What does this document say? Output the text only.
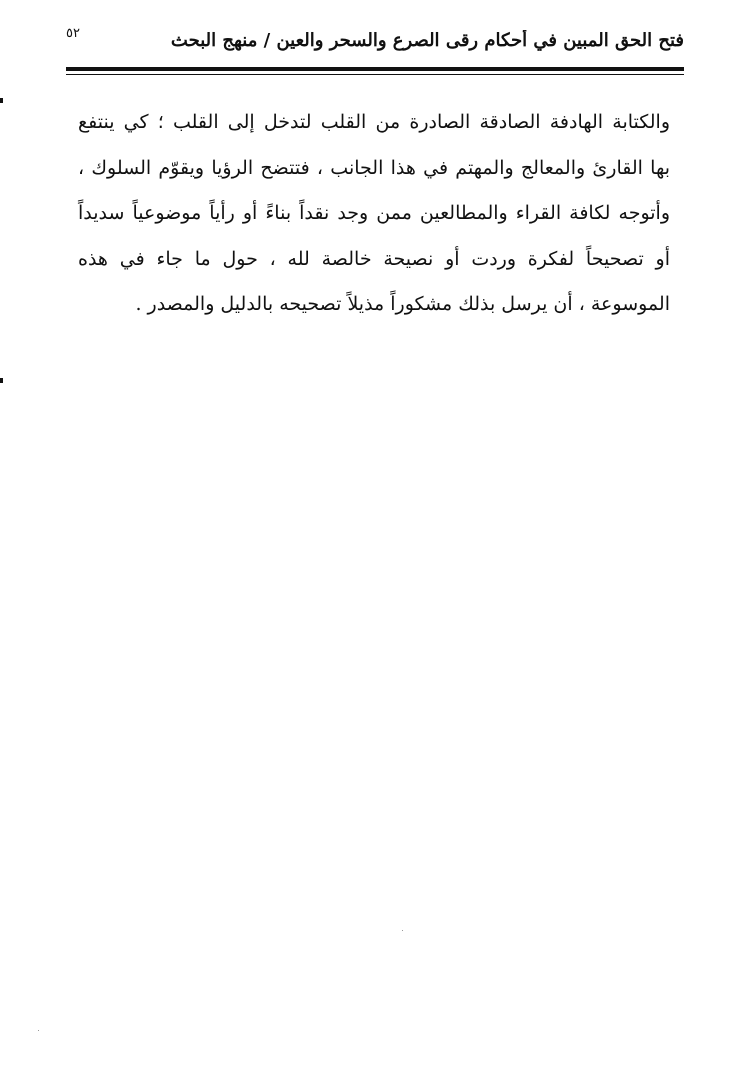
٥٢	فتح الحق المبين في أحكام رقى الصرع والسحر والعين / منهج البحث
والكتابة الهادفة الصادقة الصادرة من القلب لتدخل إلى القلب ؛ كي ينتفع
بها القارئ والمعالج والمهتم في هذا الجانب ، فتتضح الرؤيا ويقوّم السلوك ،
وأتوجه لكافة القراء والمطالعين ممن وجد نقداً بناءً أو رأياً موضوعياً سديداً
أو تصحيحاً لفكرة وردت أو نصيحة خالصة لله ، حول ما جاء في هذه
الموسوعة ، أن يرسل بذلك مشكوراً مذيلاً تصحيحه بالدليل والمصدر .
